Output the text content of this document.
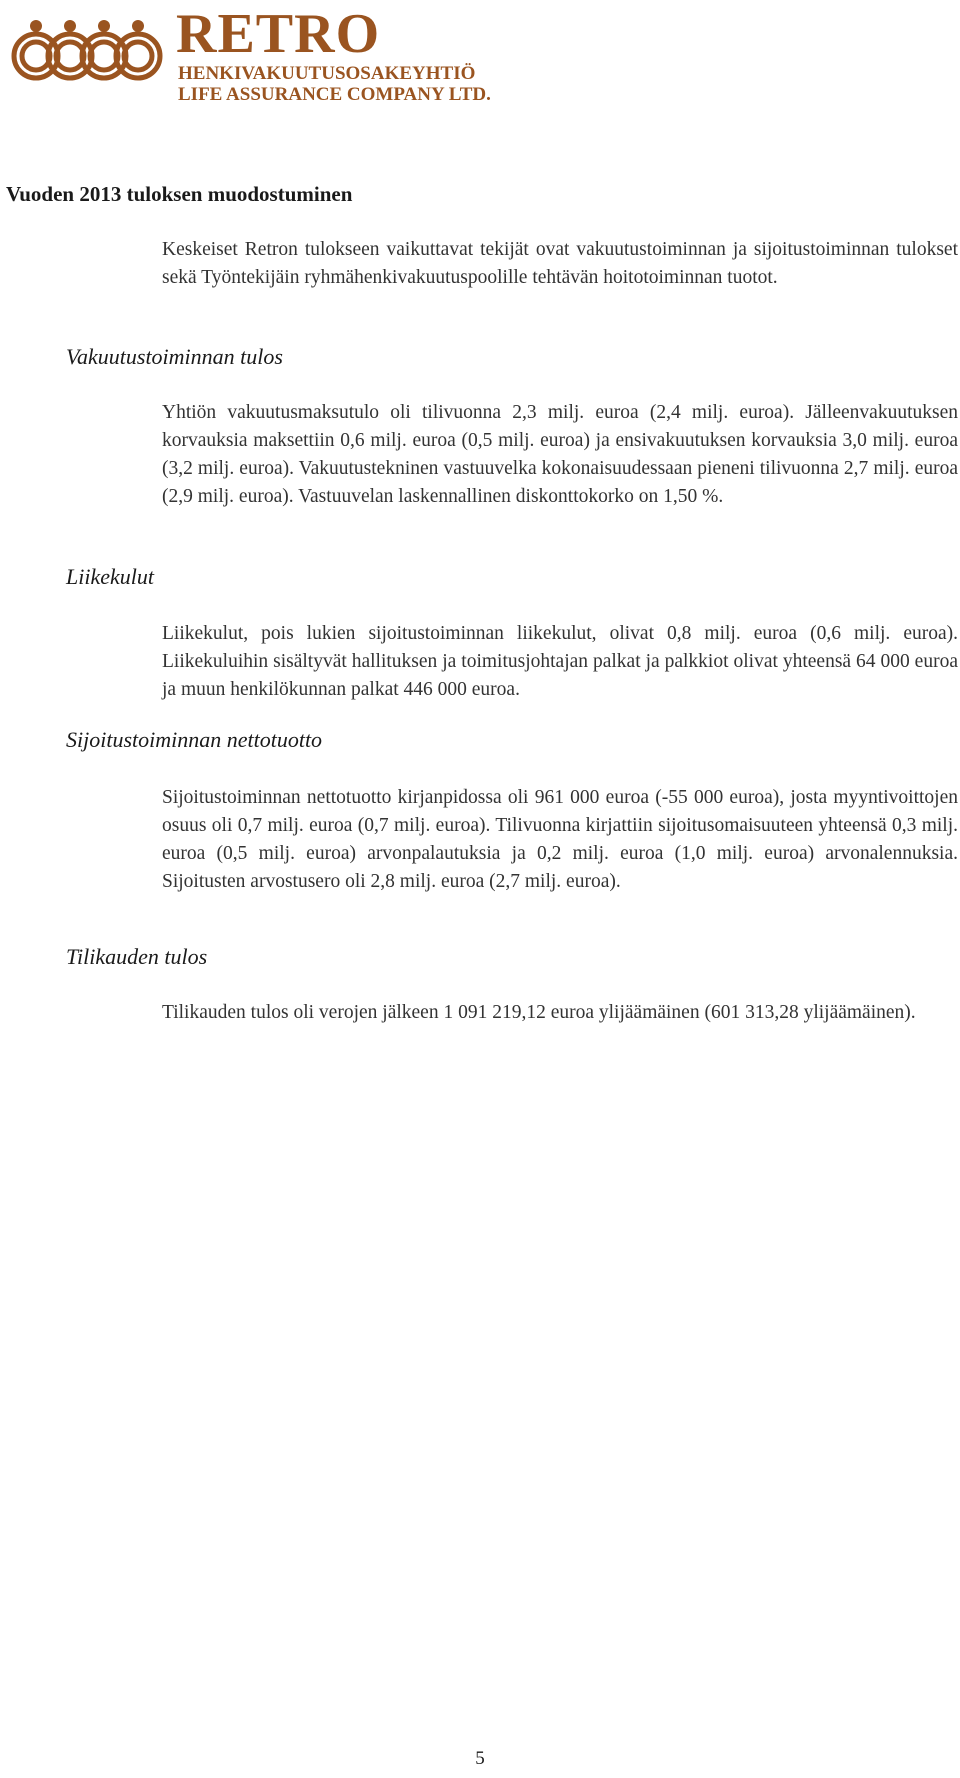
RETRO
HENKIVAKUUTUSOSAKEYHTIÖ
LIFE ASSURANCE COMPANY LTD.
Vuoden 2013 tuloksen muodostuminen

Keskeiset Retron tulokseen vaikuttavat tekijät ovat vakuutustoiminnan ja sijoitustoiminnan tulokset sekä Työntekijäin ryhmähenkivakuutuspoolille tehtävän hoitotoiminnan tuotot.

Vakuutustoiminnan tulos

Yhtiön vakuutusmaksutulo oli tilivuonna 2,3 milj. euroa (2,4 milj. euroa). Jälleenvakuutuksen korvauksia maksettiin 0,6 milj. euroa (0,5 milj. euroa) ja ensivakuutuksen korvauksia 3,0 milj. euroa (3,2 milj. euroa). Vakuutustekninen vastuuvelka kokonaisuudessaan pieneni tilivuonna 2,7 milj. euroa (2,9 milj. euroa). Vastuuvelan laskennallinen diskonttokorko on 1,50 %.

Liikekulut

Liikekulut, pois lukien sijoitustoiminnan liikekulut, olivat 0,8 milj. euroa (0,6 milj. euroa). Liikekuluihin sisältyvät hallituksen ja toimitusjohtajan palkat ja palkkiot olivat yhteensä 64 000 euroa ja muun henkilökunnan palkat 446 000 euroa.

Sijoitustoiminnan nettotuotto

Sijoitustoiminnan nettotuotto kirjanpidossa oli 961 000 euroa (-55 000 euroa), josta myyntivoittojen osuus oli 0,7 milj. euroa (0,7 milj. euroa). Tilivuonna kirjattiin sijoitusomaisuuteen yhteensä 0,3 milj. euroa (0,5 milj. euroa) arvonpalautuksia ja 0,2 milj. euroa (1,0 milj. euroa) arvonalennuksia. Sijoitusten arvostusero oli 2,8 milj. euroa (2,7 milj. euroa).

Tilikauden tulos

Tilikauden tulos oli verojen jälkeen 1 091 219,12 euroa ylijäämäinen (601 313,28 ylijäämäinen).

5
